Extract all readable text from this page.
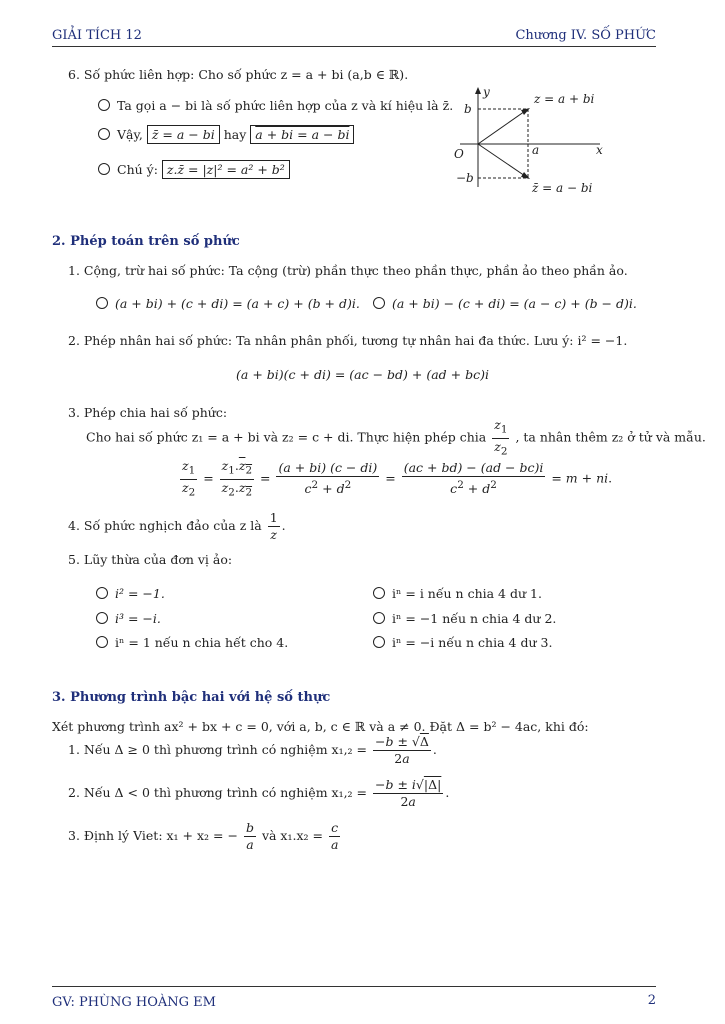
GIẢI TÍCH 12	Chương IV. SỐ PHỨC
6. Số phức liên hợp: Cho số phức z = a + bi (a,b ∈ ℝ).
Ta gọi a − bi là số phức liên hợp của z và kí hiệu là z̄.
Vậy, z̄ = a − bi hay a + bi = a − bi
Chú ý: z.z̄ = |z|² = a² + b²
y
x
O
b
−b
a
z = a + bi
z̄ = a − bi
2. Phép toán trên số phức
1. Cộng, trừ hai số phức: Ta cộng (trừ) phần thực theo phần thực, phần ảo theo phần ảo.
(a + bi) + (c + di) = (a + c) + (b + d)i.	(a + bi) − (c + di) = (a − c) + (b − d)i.
2. Phép nhân hai số phức: Ta nhân phân phối, tương tự nhân hai đa thức. Lưu ý: i² = −1.
(a + bi)(c + di) = (ac − bd) + (ad + bc)i
3. Phép chia hai số phức:
Cho hai số phức z₁ = a + bi và z₂ = c + di. Thực hiện phép chia $\frac{z_1}{z_2}$ , ta nhân thêm z₂ ở tử và mẫu.
$\frac{z_1}{z_2} = \frac{z_1.z_2}{z_2.z_2} = \frac{(a + bi) (c - di)}{c^2 + d^2} = \frac{(ac + bd) - (ad - bc)i}{c^2 + d^2} = m$ + ni.
4. Số phức nghịch đảo của z là $\frac{1}{z}$ .
5. Lũy thừa của đơn vị ảo:
i² = −1.
i³ = −i.
iⁿ = 1 nếu n chia hết cho 4.
iⁿ = i nếu n chia 4 dư 1.
iⁿ = −1 nếu n chia 4 dư 2.
iⁿ = −i nếu n chia 4 dư 3.
3. Phương trình bậc hai với hệ số thực
Xét phương trình ax² + bx + c = 0, với a, b, c ∈ ℝ và a ≠ 0. Đặt Δ = b² − 4ac, khi đó:
1. Nếu Δ ≥ 0 thì phương trình có nghiệm $x_1,_2 = \frac{-b \pm √\Delta}{2a}$ .
2. Nếu Δ < 0 thì phương trình có nghiệm $x_1,_2 = \frac{-b \pm i√|\Delta|}{2a}$ .
3. Định lý Viet: x₁ + x₂ = − $\frac{b}{a}$ và $x_1.x_2 = \frac{c}{a}$
GV: PHÙNG HOÀNG EM	2
